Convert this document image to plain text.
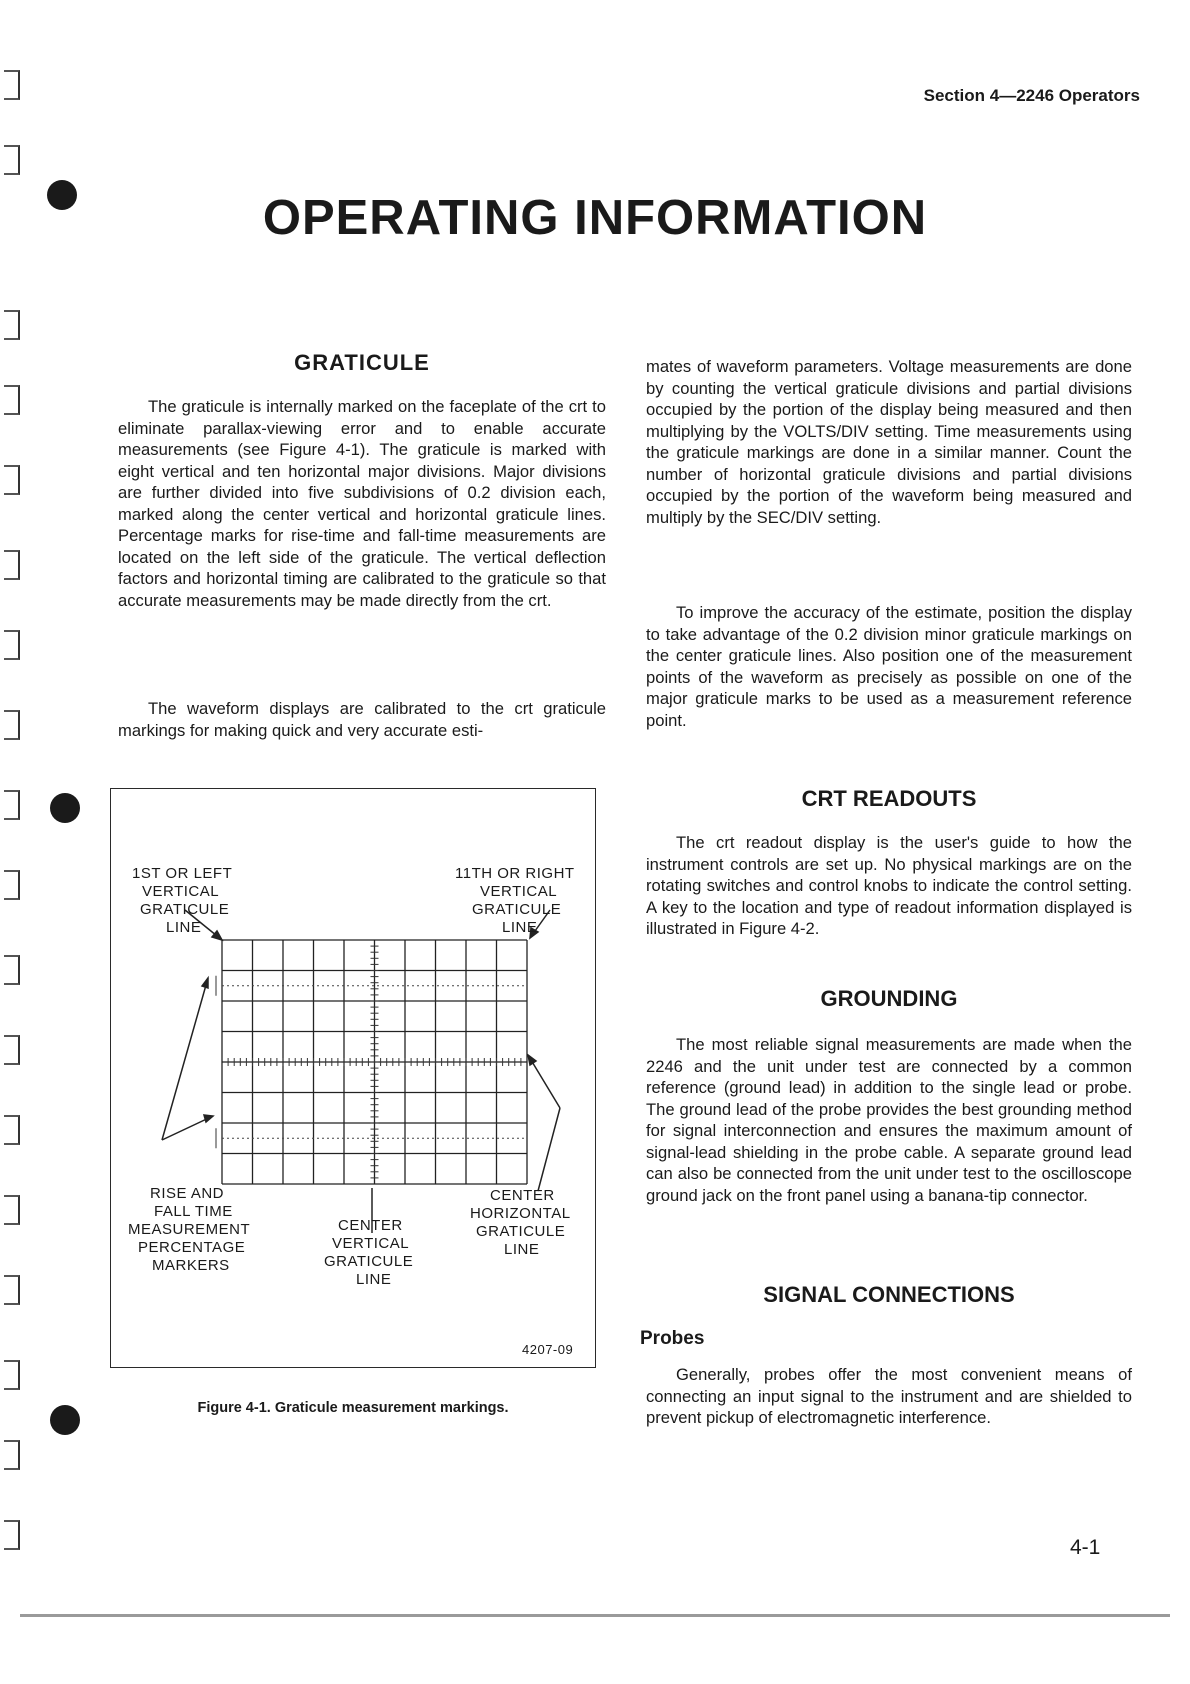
Section 4—2246 Operators
OPERATING INFORMATION
GRATICULE

The graticule is internally marked on the faceplate of the crt to eliminate parallax-viewing error and to enable accurate measurements (see Figure 4-1). The graticule is marked with eight vertical and ten horizontal major divisions. Major divisions are further divided into five subdivisions of 0.2 division each, marked along the center vertical and horizontal graticule lines. Percentage marks for rise-time and fall-time measurements are located on the left side of the graticule. The vertical deflection factors and horizontal timing are calibrated to the graticule so that accurate measurements may be made directly from the crt.

The waveform displays are calibrated to the crt graticule markings for making quick and very accurate esti-

mates of waveform parameters. Voltage measurements are done by counting the vertical graticule divisions and partial divisions occupied by the portion of the display being measured and then multiplying by the VOLTS/DIV setting. Time measurements using the graticule markings are done in a similar manner. Count the number of horizontal graticule divisions and partial divisions occupied by the portion of the waveform being measured and multiply by the SEC/DIV setting.

To improve the accuracy of the estimate, position the display to take advantage of the 0.2 division minor graticule markings on the center graticule lines. Also position one of the measurement points of the waveform as precisely as possible on one of the major graticule marks to be used as a measurement reference point.

CRT READOUTS

The crt readout display is the user's guide to how the instrument controls are set up. No physical markings are on the rotating switches and control knobs to indicate the control setting. A key to the location and type of readout information displayed is illustrated in Figure 4-2.

GROUNDING

The most reliable signal measurements are made when the 2246 and the unit under test are connected by a common reference (ground lead) in addition to the single lead or probe. The ground lead of the probe provides the best grounding method for signal interconnection and ensures the maximum amount of signal-lead shielding in the probe cable. A separate ground lead can also be connected from the unit under test to the oscilloscope ground jack on the front panel using a banana-tip connector.

SIGNAL CONNECTIONS
Probes

Generally, probes offer the most convenient means of connecting an input signal to the instrument and are shielded to prevent pickup of electromagnetic interference.

1ST OR LEFT VERTICAL GRATICULE LINE
11TH OR RIGHT VERTICAL GRATICULE LINE
RISE AND FALL TIME MEASUREMENT PERCENTAGE MARKERS
CENTER VERTICAL GRATICULE LINE
CENTER HORIZONTAL GRATICULE LINE
4207-09
Figure 4-1. Graticule measurement markings.
4-1
